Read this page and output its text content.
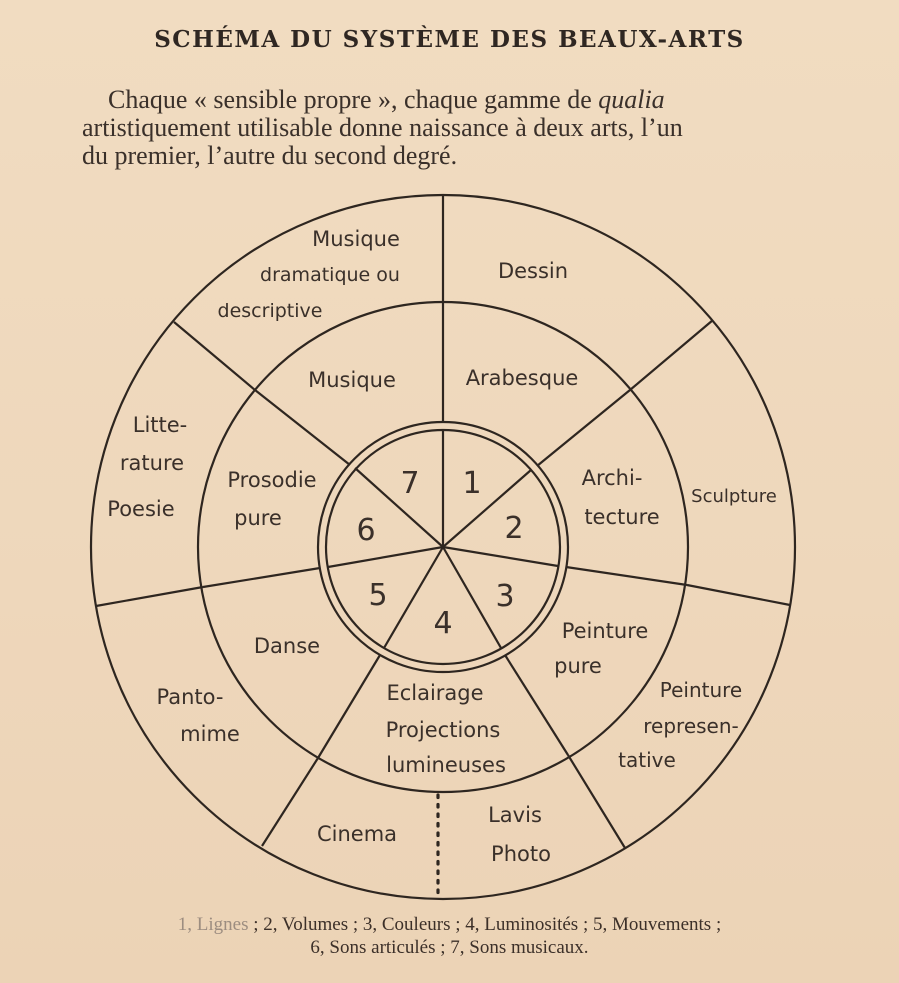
SCHÉMA DU SYSTÈME DES BEAUX-ARTS
Chaque « sensible propre », chaque gamme de qualia
artistiquement utilisable donne naissance à deux arts, l’un
du premier, l’autre du second degré.
1
2
3
4
5
6
7
Musique	Arabesque
Archi-
tecture
Prosodie
pure
Peinture
pure
Danse
Eclairage
Projections
lumineuses
Musique
dramatique ou
descriptive
Dessin
Sculpture
Litte-
rature
Poesie
Peinture
represen-
tative
Panto-
mime
Cinema
Lavis
Photo
1, Lignes ; 2, Volumes ; 3, Couleurs ; 4, Luminosités ; 5, Mouvements ;
6, Sons articulés ; 7, Sons musicaux.
